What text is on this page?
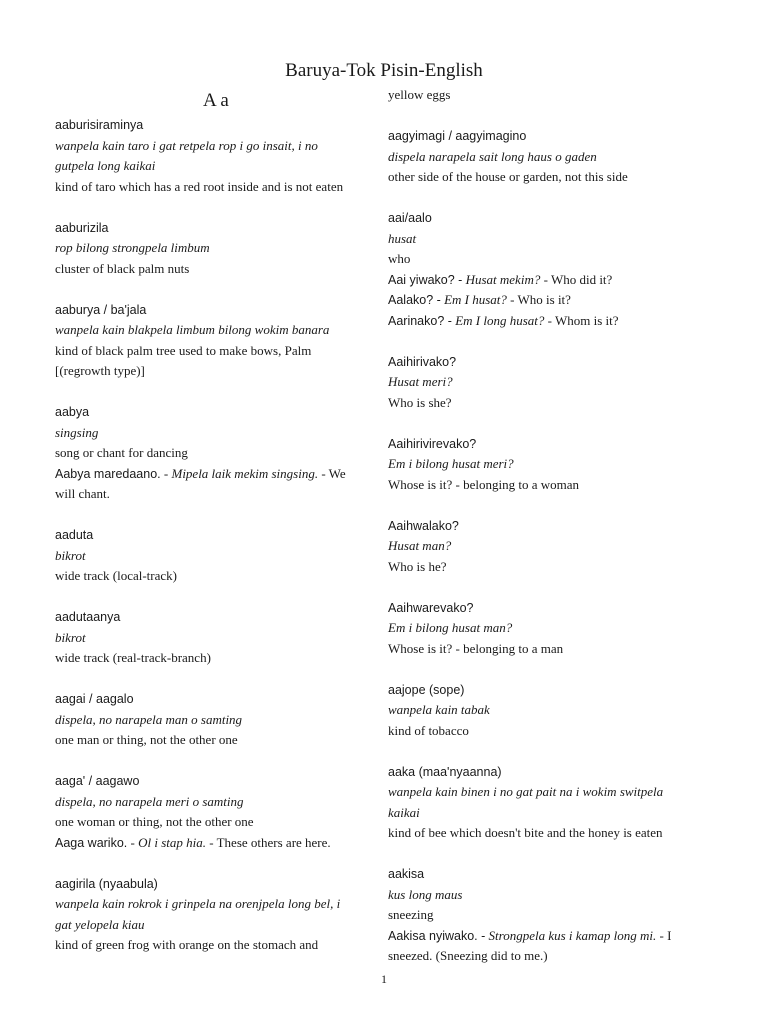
Baruya-Tok Pisin-English
A a
aaburisiraminya
wanpela kain taro i gat retpela rop i go insait, i no
gutpela long kaikai
kind of taro which has a red root inside and is not eaten
aaburizila
rop bilong strongpela limbum
cluster of black palm nuts
aaburya / ba'jala
wanpela kain blakpela limbum bilong wokim banara
kind of black palm tree used to make bows, Palm
[(regrowth type)]
aabya
singsing
song or chant for dancing
Aabya maredaano. - Mipela laik mekim singsing. - We
will chant.
aaduta
bikrot
wide track (local-track)
aadutaanya
bikrot
wide track (real-track-branch)
aagai / aagalo
dispela, no narapela man o samting
one man or thing, not the other one
aaga' / aagawo
dispela, no narapela meri o samting
one woman or thing, not the other one
Aaga wariko. - Ol i stap hia. - These others are here.
aagirila (nyaabula)
wanpela kain rokrok i grinpela na orenjpela long bel, i
gat yelopela kiau
kind of green frog with orange on the stomach and
yellow eggs
aagyimagi / aagyimagino
dispela narapela sait long haus o gaden
other side of the house or garden, not this side
aai/aalo
husat
who
Aai yiwako? - Husat mekim? - Who did it?
Aalako? - Em I husat? - Who is it?
Aarinako? - Em I long husat? - Whom is it?
Aaihirivako?
Husat meri?
Who is she?
Aaihirivirevako?
Em i bilong husat meri?
Whose is it? - belonging to a woman
Aaihwalako?
Husat man?
Who is he?
Aaihwarevako?
Em i bilong husat man?
Whose is it? - belonging to a man
aajope (sope)
wanpela kain tabak
kind of tobacco
aaka (maa'nyaanna)
wanpela kain binen i no gat pait na i wokim switpela
kaikai
kind of bee which doesn't bite and the honey is eaten
aakisa
kus long maus
sneezing
Aakisa nyiwako. - Strongpela kus i kamap long mi. - I
sneezed. (Sneezing did to me.)
1
